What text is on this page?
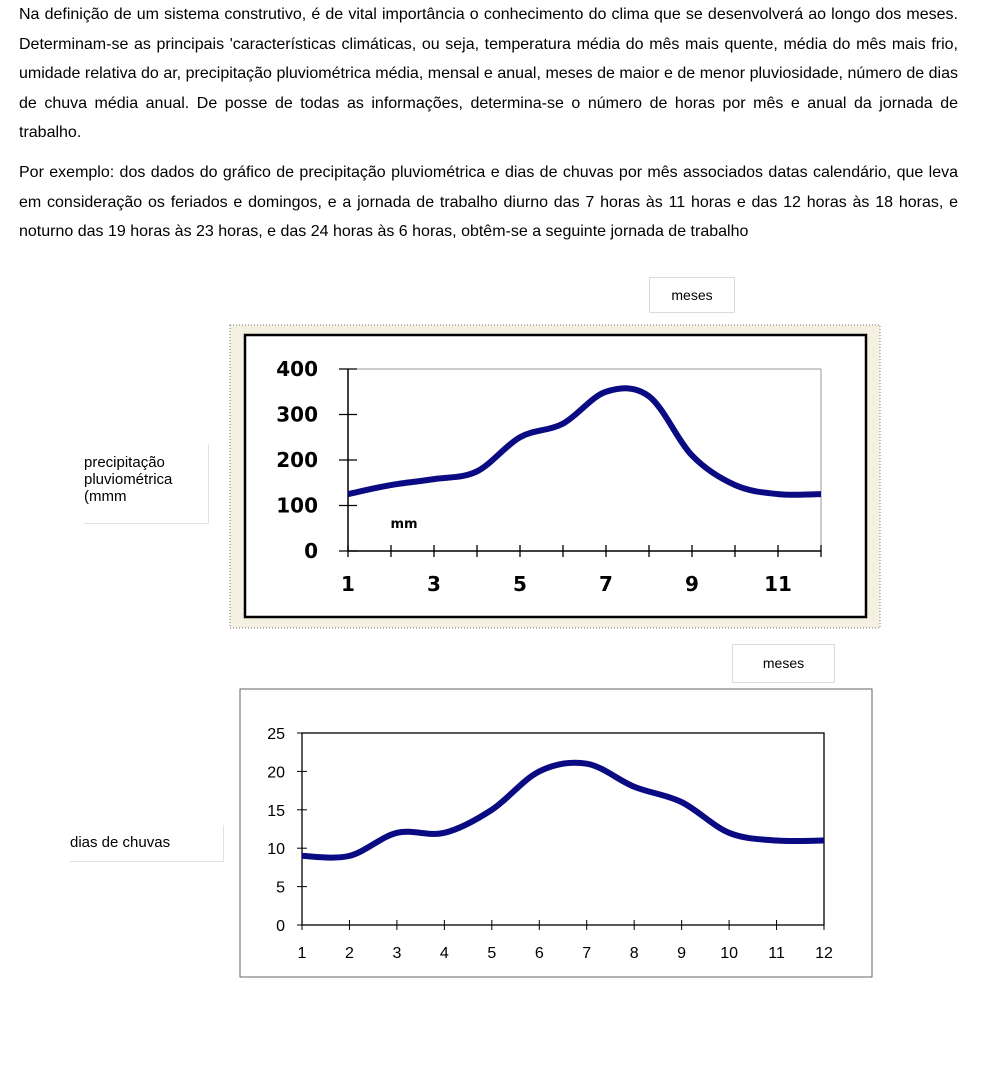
Na definição de um sistema construtivo, é de vital importância o conhecimento do clima que se desenvolverá ao longo dos meses. Determinam-se as principais 'características climáticas, ou seja, temperatura média do mês mais quente, média do mês mais frio, umidade relativa do ar, precipitação pluviométrica média, mensal e anual, meses de maior e de menor pluviosidade, número de dias de chuva média anual. De posse de todas as informações, determina-se o número de horas por mês e anual da jornada de trabalho.

Por exemplo: dos dados do gráfico de precipitação pluviométrica e dias de chuvas por mês associados datas calendário, que leva em consideração os feriados e domingos, e a jornada de trabalho diurno das 7 horas às 11 horas e das 12 horas às 18 horas, e noturno das 19 horas às 23 horas, e das 24 horas às 6 horas, obtêm-se a seguinte jornada de trabalho

meses
precipitação pluviométrica (mmm
0
100
200
300
400
1	3	5	7	9	11
mm
meses
dias de chuvas
0
5
10
15
20
25
1 2 3 4 5 6 7 8 9 10 11 12
